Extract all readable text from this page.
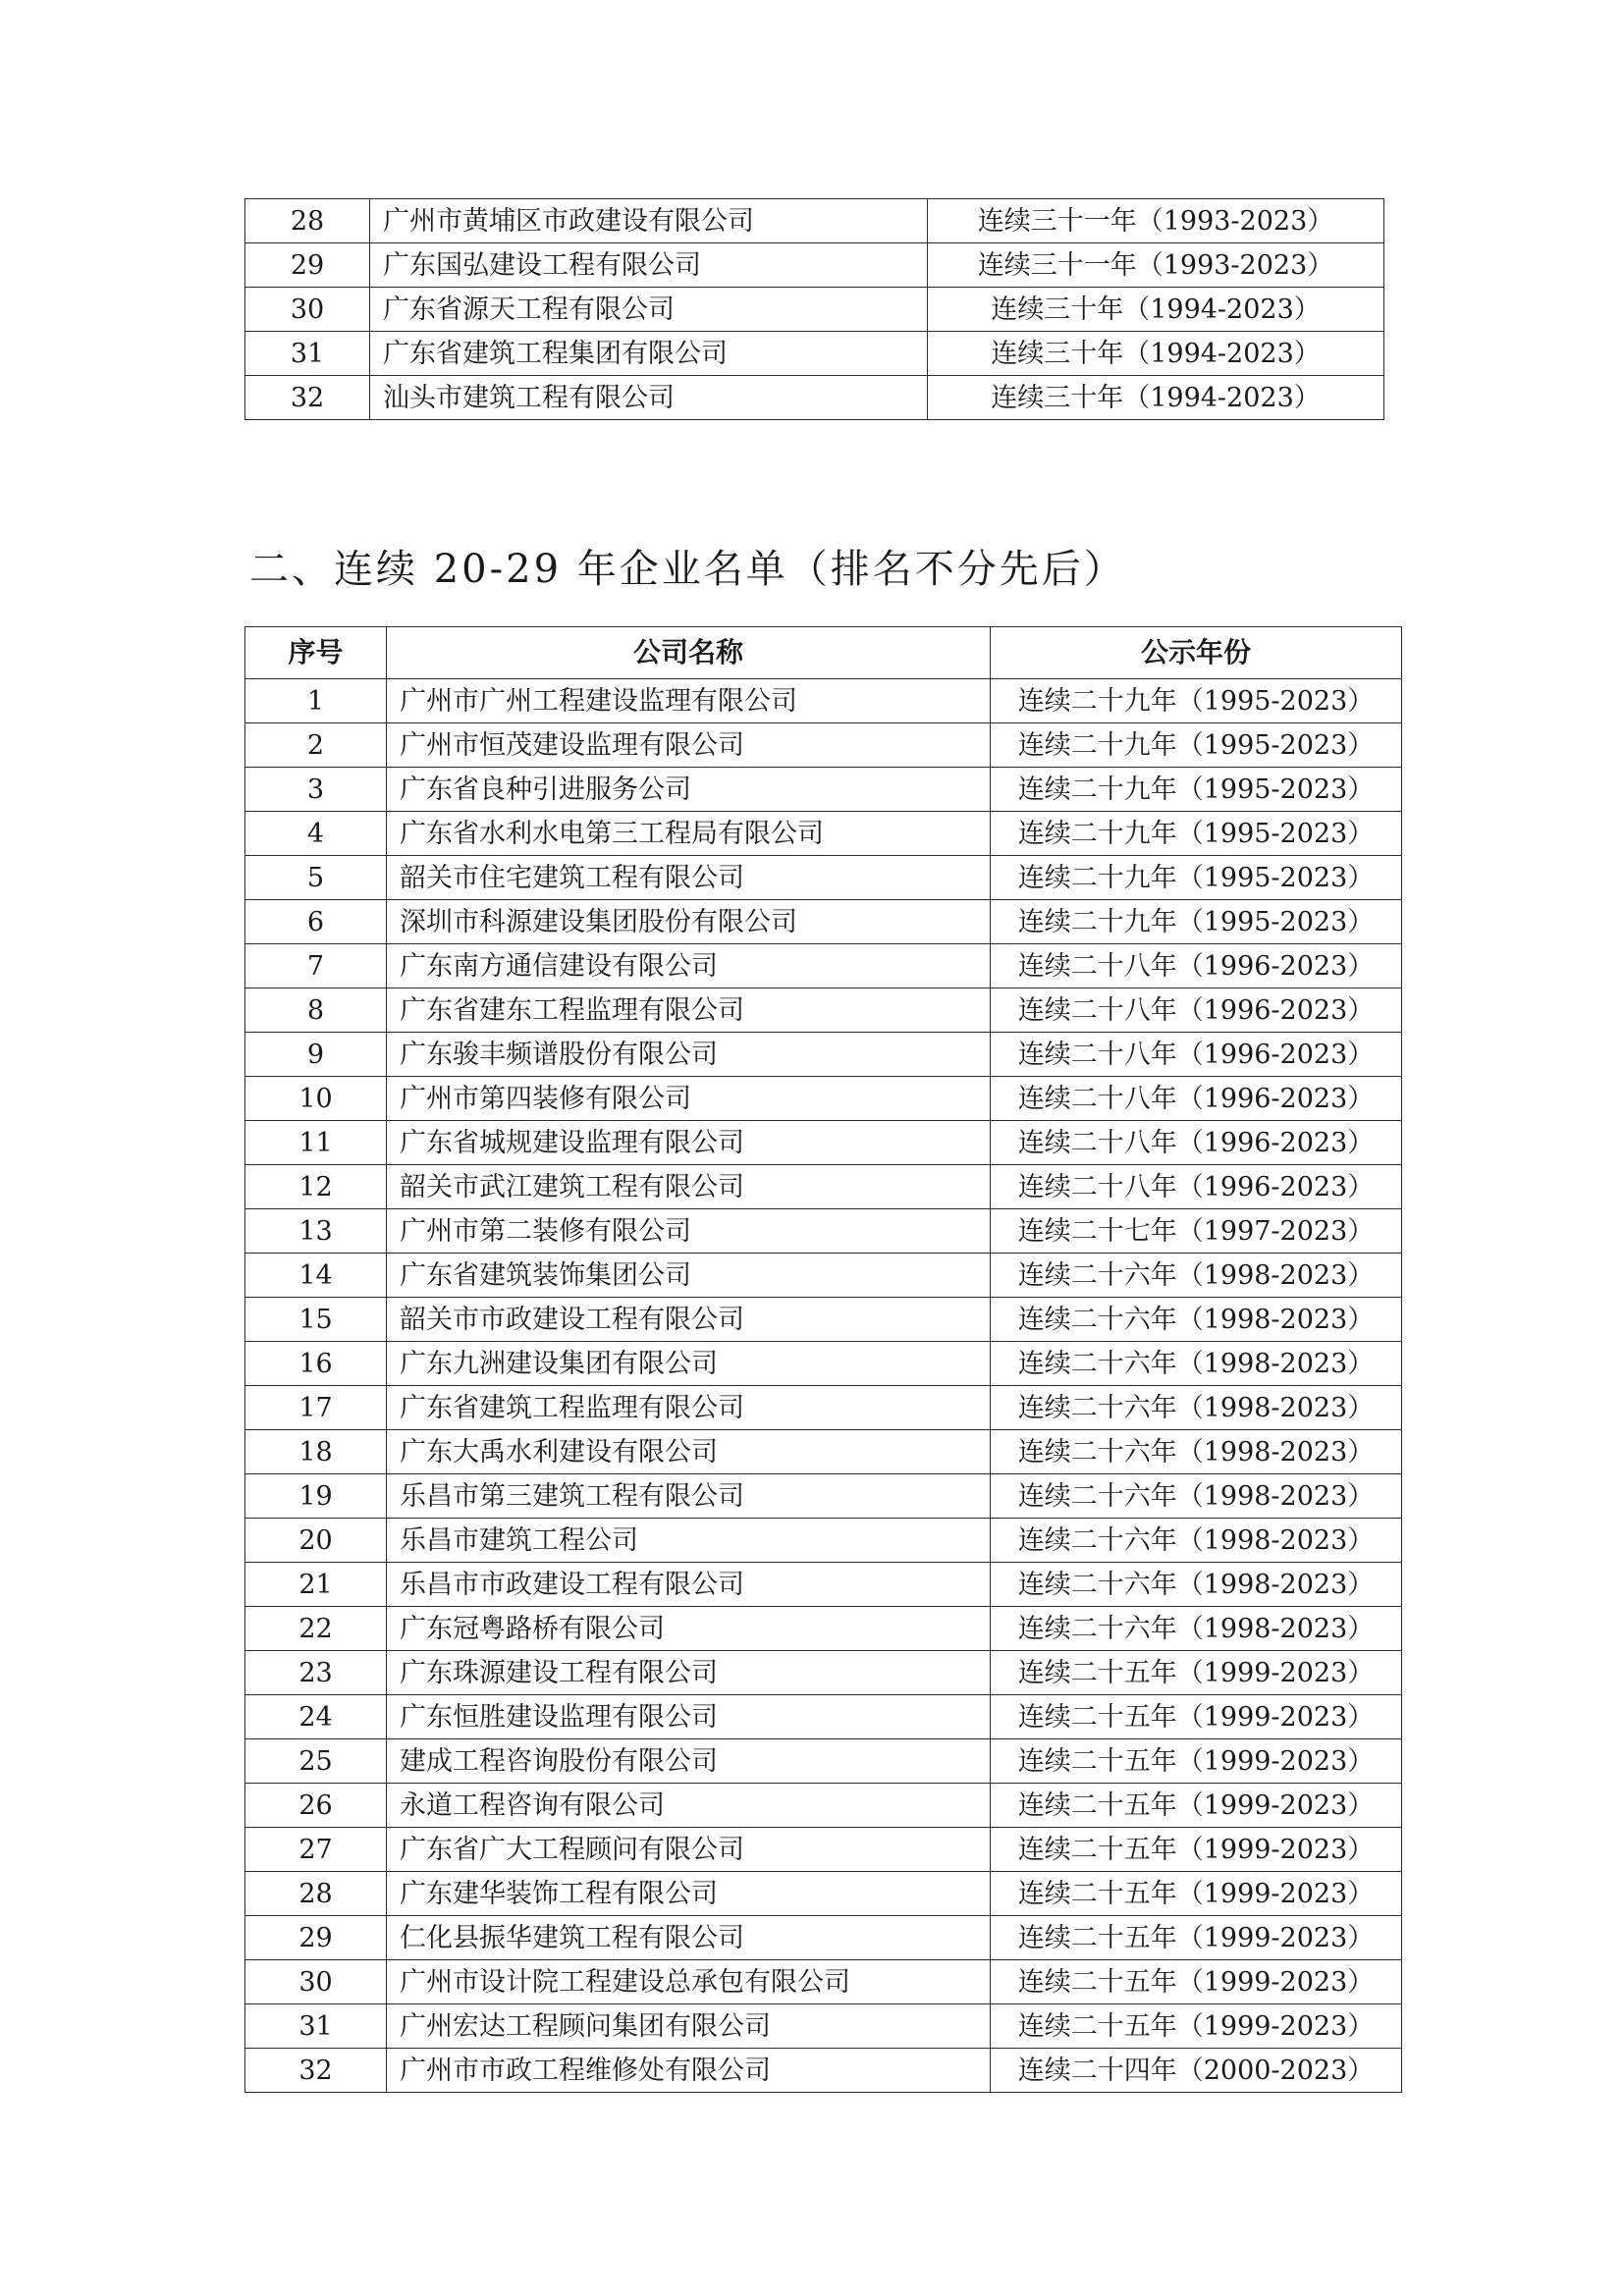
28	广州市黄埔区市政建设有限公司	连续三十一年（1993-2023）
29	广东国弘建设工程有限公司	连续三十一年（1993-2023）
30	广东省源天工程有限公司	连续三十年（1994-2023）
31	广东省建筑工程集团有限公司	连续三十年（1994-2023）
32	汕头市建筑工程有限公司	连续三十年（1994-2023）
二、连续 20-29 年企业名单（排名不分先后）
序号	公司名称	公示年份
1	广州市广州工程建设监理有限公司	连续二十九年（1995-2023）
2	广州市恒茂建设监理有限公司	连续二十九年（1995-2023）
3	广东省良种引进服务公司	连续二十九年（1995-2023）
4	广东省水利水电第三工程局有限公司	连续二十九年（1995-2023）
5	韶关市住宅建筑工程有限公司	连续二十九年（1995-2023）
6	深圳市科源建设集团股份有限公司	连续二十九年（1995-2023）
7	广东南方通信建设有限公司	连续二十八年（1996-2023）
8	广东省建东工程监理有限公司	连续二十八年（1996-2023）
9	广东骏丰频谱股份有限公司	连续二十八年（1996-2023）
10	广州市第四装修有限公司	连续二十八年（1996-2023）
11	广东省城规建设监理有限公司	连续二十八年（1996-2023）
12	韶关市武江建筑工程有限公司	连续二十八年（1996-2023）
13	广州市第二装修有限公司	连续二十七年（1997-2023）
14	广东省建筑装饰集团公司	连续二十六年（1998-2023）
15	韶关市市政建设工程有限公司	连续二十六年（1998-2023）
16	广东九洲建设集团有限公司	连续二十六年（1998-2023）
17	广东省建筑工程监理有限公司	连续二十六年（1998-2023）
18	广东大禹水利建设有限公司	连续二十六年（1998-2023）
19	乐昌市第三建筑工程有限公司	连续二十六年（1998-2023）
20	乐昌市建筑工程公司	连续二十六年（1998-2023）
21	乐昌市市政建设工程有限公司	连续二十六年（1998-2023）
22	广东冠粤路桥有限公司	连续二十六年（1998-2023）
23	广东珠源建设工程有限公司	连续二十五年（1999-2023）
24	广东恒胜建设监理有限公司	连续二十五年（1999-2023）
25	建成工程咨询股份有限公司	连续二十五年（1999-2023）
26	永道工程咨询有限公司	连续二十五年（1999-2023）
27	广东省广大工程顾问有限公司	连续二十五年（1999-2023）
28	广东建华装饰工程有限公司	连续二十五年（1999-2023）
29	仁化县振华建筑工程有限公司	连续二十五年（1999-2023）
30	广州市设计院工程建设总承包有限公司	连续二十五年（1999-2023）
31	广州宏达工程顾问集团有限公司	连续二十五年（1999-2023）
32	广州市市政工程维修处有限公司	连续二十四年（2000-2023）
